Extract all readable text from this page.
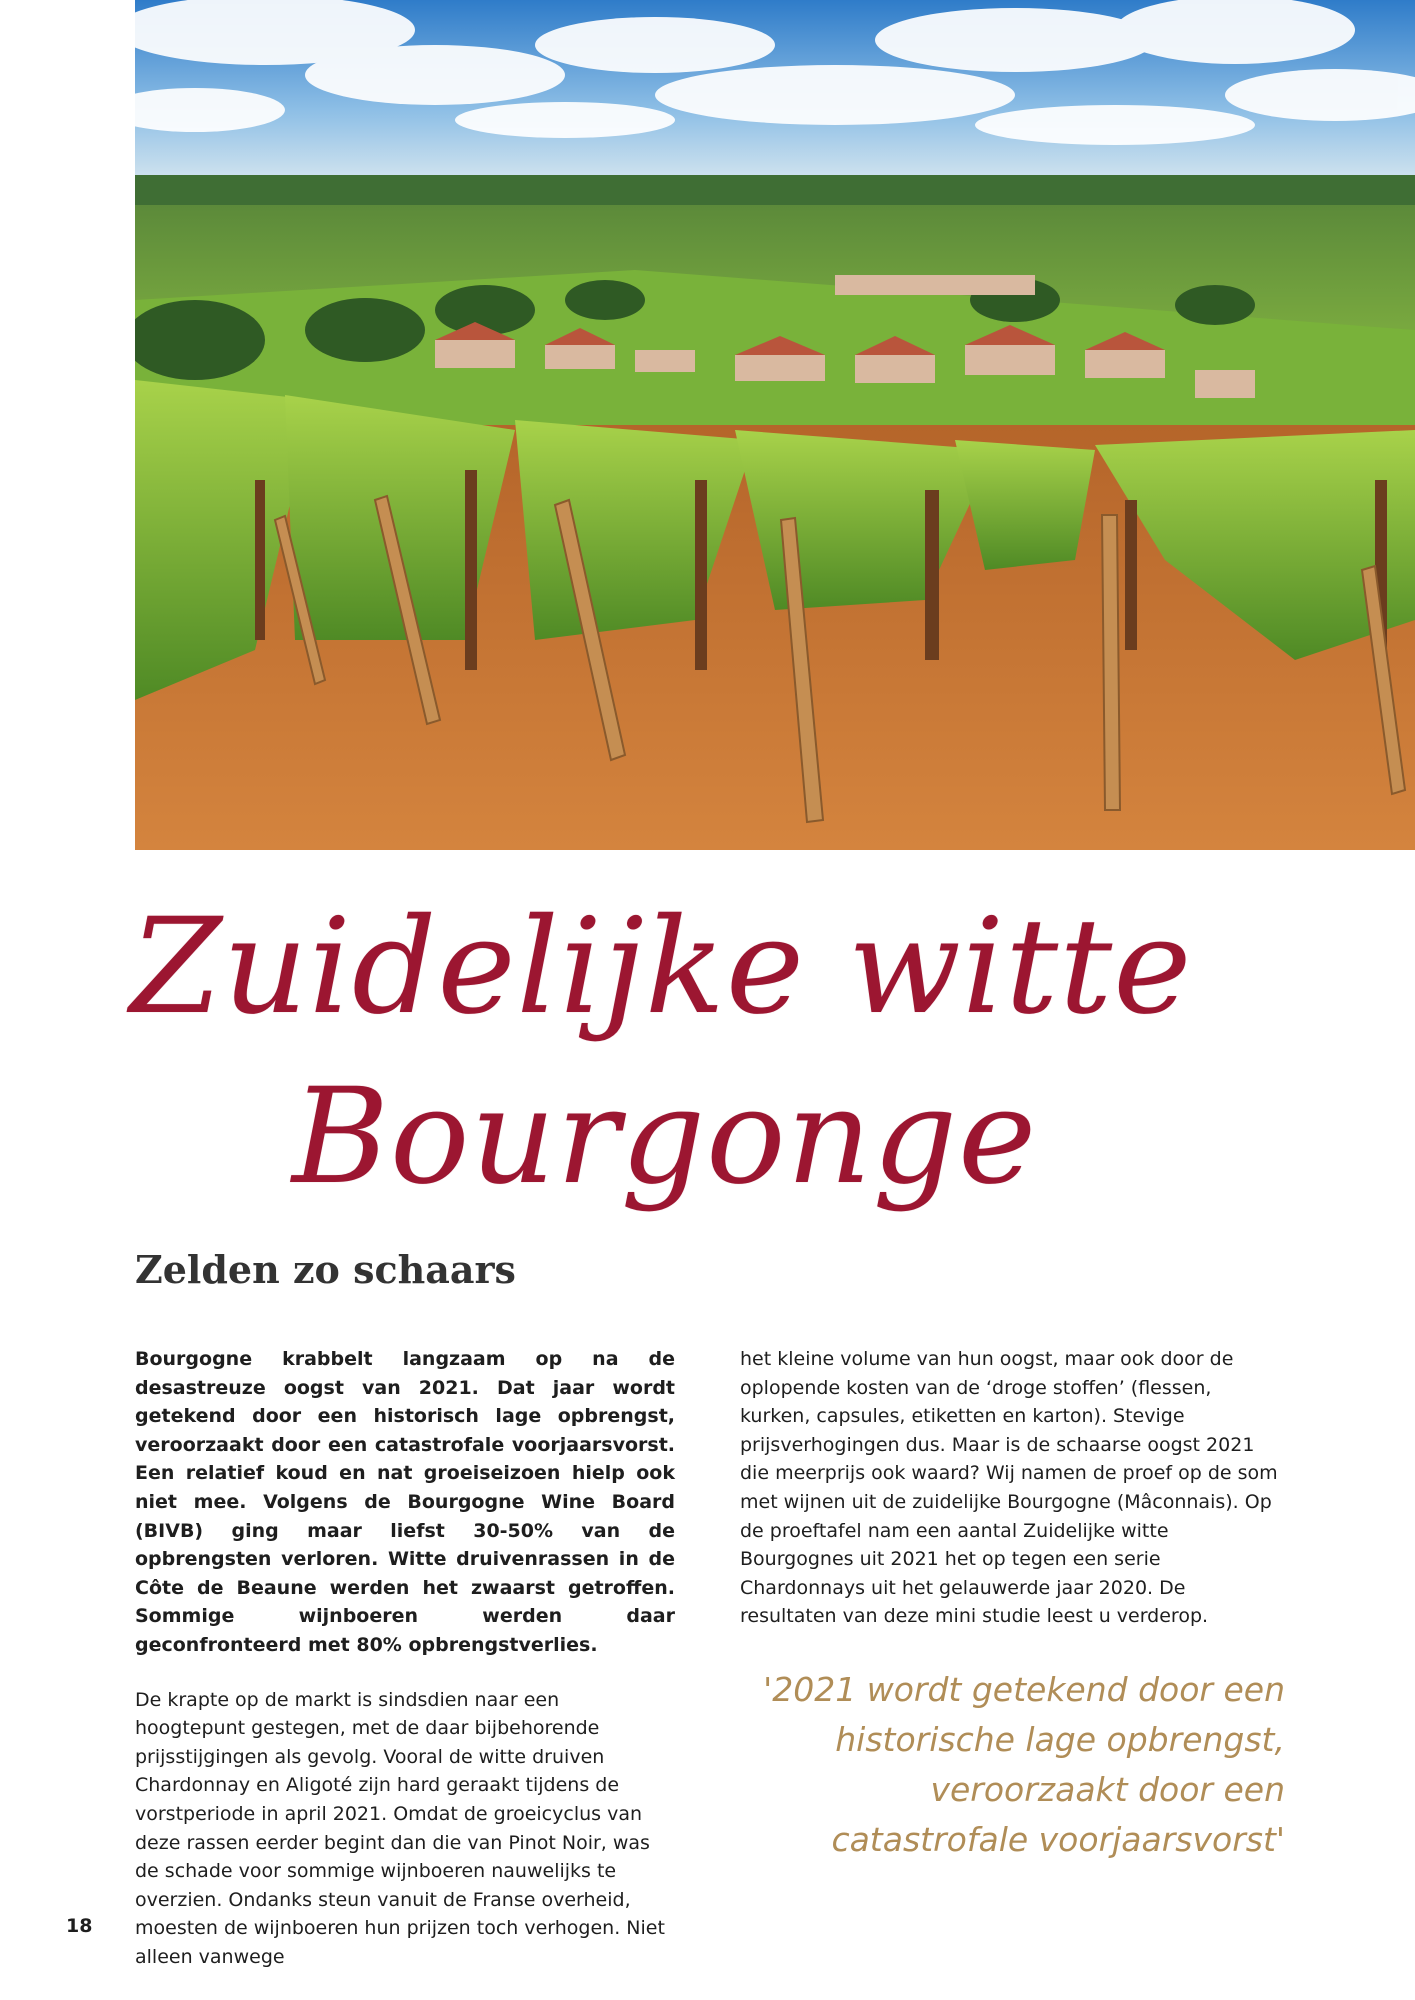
Zuidelijke witte
Bourgonge
Zelden zo schaars

Bourgogne krabbelt langzaam op na de desastreuze oogst van 2021. Dat jaar wordt getekend door een historisch lage opbrengst, veroorzaakt door een catastrofale voorjaarsvorst. Een relatief koud en nat groeiseizoen hielp ook niet mee. Volgens de Bourgogne Wine Board (BIVB) ging maar liefst 30-50% van de opbrengsten verloren. Witte druivenrassen in de Côte de Beaune werden het zwaarst getroffen. Sommige wijnboeren werden daar geconfronteerd met 80% opbrengstverlies.

De krapte op de markt is sindsdien naar een hoogtepunt gestegen, met de daar bijbehorende prijsstijgingen als gevolg. Vooral de witte druiven Chardonnay en Aligoté zijn hard geraakt tijdens de vorstperiode in april 2021. Omdat de groeicyclus van deze rassen eerder begint dan die van Pinot Noir, was de schade voor sommige wijnboeren nauwelijks te overzien. Ondanks steun vanuit de Franse overheid, moesten de wijnboeren hun prijzen toch verhogen. Niet alleen vanwege

het kleine volume van hun oogst, maar ook door de oplopende kosten van de ‘droge stoffen’ (flessen, kurken, capsules, etiketten en karton). Stevige prijsverhogingen dus. Maar is de schaarse oogst 2021 die meerprijs ook waard? Wij namen de proef op de som met wijnen uit de zuidelijke Bourgogne (Mâconnais). Op de proeftafel nam een aantal Zuidelijke witte Bourgognes uit 2021 het op tegen een serie Chardonnays uit het gelauwerde jaar 2020. De resultaten van deze mini studie leest u verderop.

'2021 wordt getekend door een historische lage opbrengst, veroorzaakt door een catastrofale voorjaarsvorst'
18
